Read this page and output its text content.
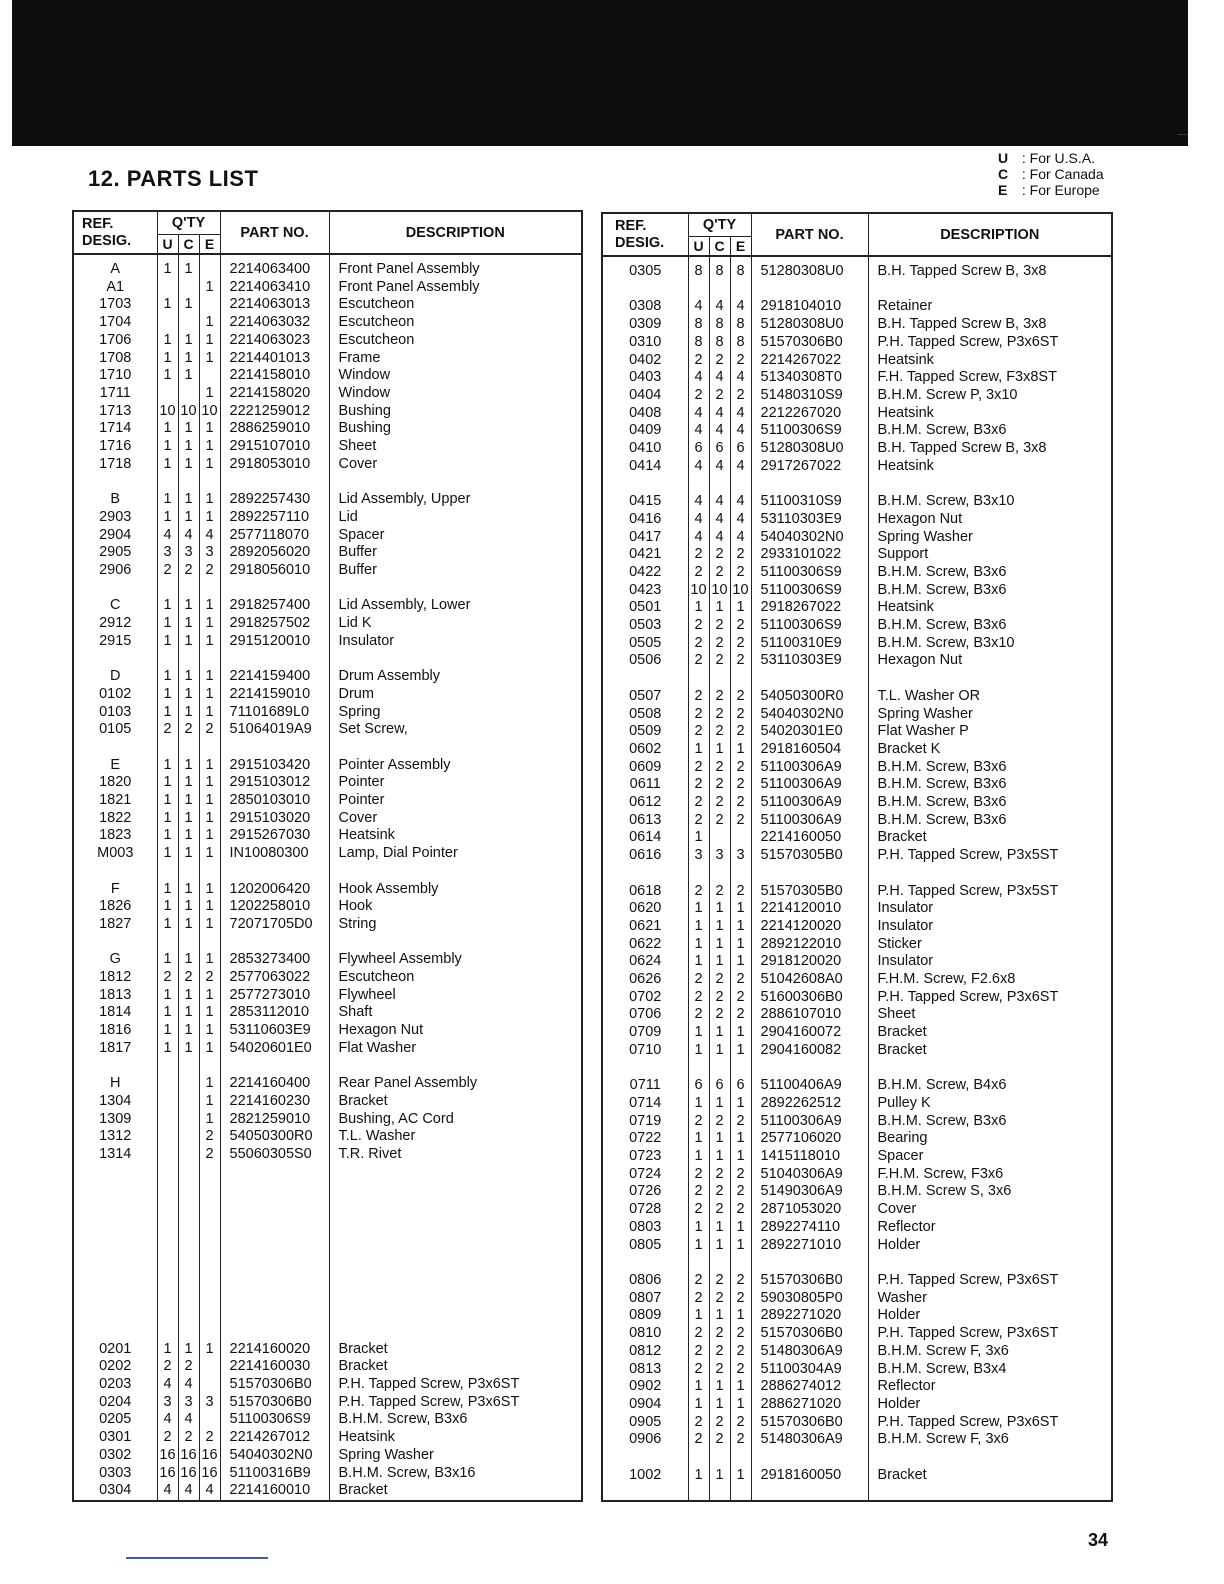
12. PARTS LIST
U : For U.S.A.
C : For Canada
E : For Europe
REF.
DESIG.	Q'TY			PART NO.	DESCRIPTION
	U	C	E		
A	1	1		2214063400	Front Panel Assembly
A1			1	2214063410	Front Panel Assembly
1703	1	1		2214063013	Escutcheon
1704			1	2214063032	Escutcheon
1706	1	1	1	2214063023	Escutcheon
1708	1	1	1	2214401013	Frame
1710	1	1		2214158010	Window
1711			1	2214158020	Window
1713	10	10	10	2221259012	Bushing
1714	1	1	1	2886259010	Bushing
1716	1	1	1	2915107010	Sheet
1718	1	1	1	2918053010	Cover

B	1	1	1	2892257430	Lid Assembly, Upper
2903	1	1	1	2892257110	Lid
2904	4	4	4	2577118070	Spacer
2905	3	3	3	2892056020	Buffer
2906	2	2	2	2918056010	Buffer

C	1	1	1	2918257400	Lid Assembly, Lower
2912	1	1	1	2918257502	Lid K
2915	1	1	1	2915120010	Insulator

D	1	1	1	2214159400	Drum Assembly
0102	1	1	1	2214159010	Drum
0103	1	1	1	71101689L0	Spring
0105	2	2	2	51064019A9	Set Screw,

E	1	1	1	2915103420	Pointer Assembly
1820	1	1	1	2915103012	Pointer
1821	1	1	1	2850103010	Pointer
1822	1	1	1	2915103020	Cover
1823	1	1	1	2915267030	Heatsink
M003	1	1	1	IN10080300	Lamp, Dial Pointer

F	1	1	1	1202006420	Hook Assembly
1826	1	1	1	1202258010	Hook
1827	1	1	1	72071705D0	String

G	1	1	1	2853273400	Flywheel Assembly
1812	2	2	2	2577063022	Escutcheon
1813	1	1	1	2577273010	Flywheel
1814	1	1	1	2853112010	Shaft
1816	1	1	1	53110603E9	Hexagon Nut
1817	1	1	1	54020601E0	Flat Washer

H			1	2214160400	Rear Panel Assembly
1304			1	2214160230	Bracket
1309			1	2821259010	Bushing, AC Cord
1312			2	54050300R0	T.L. Washer
1314			2	55060305S0	T.R. Rivet

0201	1	1	1	2214160020	Bracket
0202	2	2		2214160030	Bracket
0203	4	4		51570306B0	P.H. Tapped Screw, P3x6ST
0204	3	3	3	51570306B0	P.H. Tapped Screw, P3x6ST
0205	4	4		51100306S9	B.H.M. Screw, B3x6
0301	2	2	2	2214267012	Heatsink
0302	16	16	16	54040302N0	Spring Washer
0303	16	16	16	51100316B9	B.H.M. Screw, B3x16
0304	4	4	4	2214160010	Bracket

REF.
DESIG.	Q'TY			PART NO.	DESCRIPTION
	U	C	E		
0305	8	8	8	51280308U0	B.H. Tapped Screw B, 3x8

0308	4	4	4	2918104010	Retainer
0309	8	8	8	51280308U0	B.H. Tapped Screw B, 3x8
0310	8	8	8	51570306B0	P.H. Tapped Screw, P3x6ST
0402	2	2	2	2214267022	Heatsink
0403	4	4	4	51340308T0	F.H. Tapped Screw, F3x8ST
0404	2	2	2	51480310S9	B.H.M. Screw P, 3x10
0408	4	4	4	2212267020	Heatsink
0409	4	4	4	51100306S9	B.H.M. Screw, B3x6
0410	6	6	6	51280308U0	B.H. Tapped Screw B, 3x8
0414	4	4	4	2917267022	Heatsink

0415	4	4	4	51100310S9	B.H.M. Screw, B3x10
0416	4	4	4	53110303E9	Hexagon Nut
0417	4	4	4	54040302N0	Spring Washer
0421	2	2	2	2933101022	Support
0422	2	2	2	51100306S9	B.H.M. Screw, B3x6
0423	10	10	10	51100306S9	B.H.M. Screw, B3x6
0501	1	1	1	2918267022	Heatsink
0503	2	2	2	51100306S9	B.H.M. Screw, B3x6
0505	2	2	2	51100310E9	B.H.M. Screw, B3x10
0506	2	2	2	53110303E9	Hexagon Nut

0507	2	2	2	54050300R0	T.L. Washer OR
0508	2	2	2	54040302N0	Spring Washer
0509	2	2	2	54020301E0	Flat Washer P
0602	1	1	1	2918160504	Bracket K
0609	2	2	2	51100306A9	B.H.M. Screw, B3x6
0611	2	2	2	51100306A9	B.H.M. Screw, B3x6
0612	2	2	2	51100306A9	B.H.M. Screw, B3x6
0613	2	2	2	51100306A9	B.H.M. Screw, B3x6
0614	1			2214160050	Bracket
0616	3	3	3	51570305B0	P.H. Tapped Screw, P3x5ST

0618	2	2	2	51570305B0	P.H. Tapped Screw, P3x5ST
0620	1	1	1	2214120010	Insulator
0621	1	1	1	2214120020	Insulator
0622	1	1	1	2892122010	Sticker
0624	1	1	1	2918120020	Insulator
0626	2	2	2	51042608A0	F.H.M. Screw, F2.6x8
0702	2	2	2	51600306B0	P.H. Tapped Screw, P3x6ST
0706	2	2	2	2886107010	Sheet
0709	1	1	1	2904160072	Bracket
0710	1	1	1	2904160082	Bracket

0711	6	6	6	51100406A9	B.H.M. Screw, B4x6
0714	1	1	1	2892262512	Pulley K
0719	2	2	2	51100306A9	B.H.M. Screw, B3x6
0722	1	1	1	2577106020	Bearing
0723	1	1	1	1415118010	Spacer
0724	2	2	2	51040306A9	F.H.M. Screw, F3x6
0726	2	2	2	51490306A9	B.H.M. Screw S, 3x6
0728	2	2	2	2871053020	Cover
0803	1	1	1	2892274110	Reflector
0805	1	1	1	2892271010	Holder

0806	2	2	2	51570306B0	P.H. Tapped Screw, P3x6ST
0807	2	2	2	59030805P0	Washer
0809	1	1	1	2892271020	Holder
0810	2	2	2	51570306B0	P.H. Tapped Screw, P3x6ST
0812	2	2	2	51480306A9	B.H.M. Screw F, 3x6
0813	2	2	2	51100304A9	B.H.M. Screw, B3x4
0902	1	1	1	2886274012	Reflector
0904	1	1	1	2886271020	Holder
0905	2	2	2	51570306B0	P.H. Tapped Screw, P3x6ST
0906	2	2	2	51480306A9	B.H.M. Screw F, 3x6

1002	1	1	1	2918160050	Bracket

34
